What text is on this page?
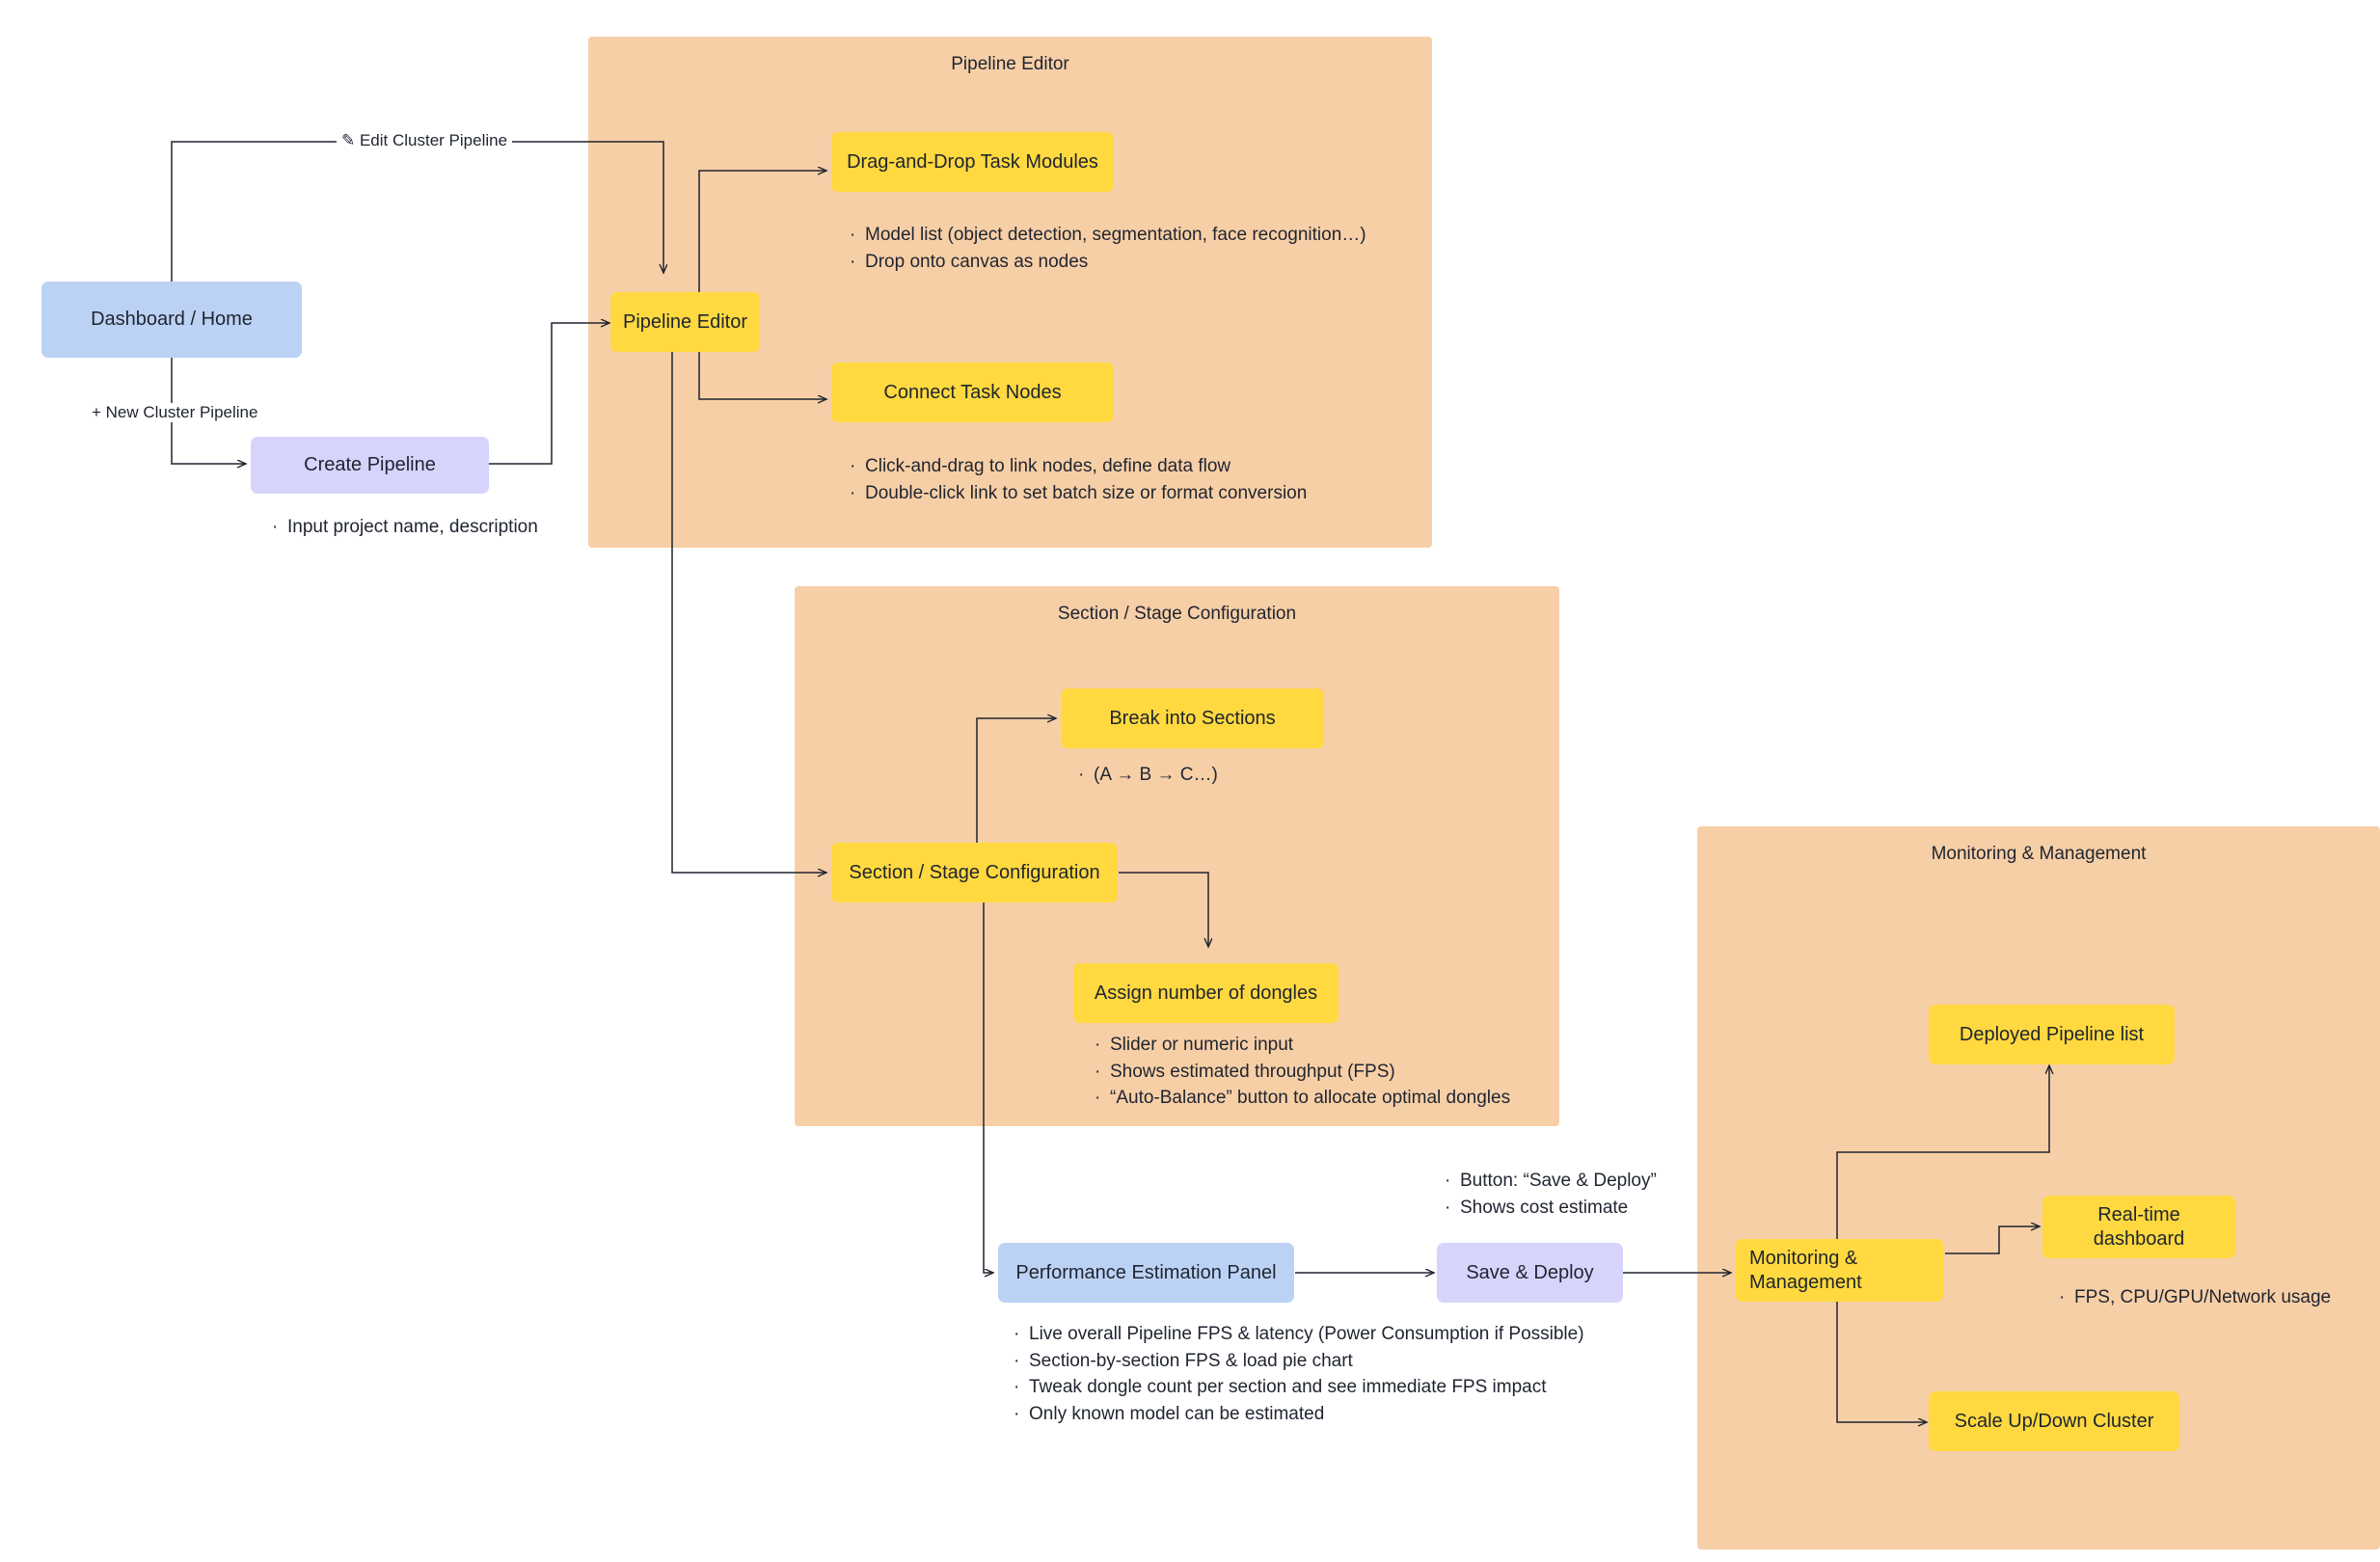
Pipeline Editor
Section / Stage Configuration
Monitoring & Management
✎ Edit Cluster Pipeline
+ New Cluster Pipeline
Dashboard / Home
Create Pipeline
Pipeline Editor
Drag-and-Drop Task Modules
Connect Task Nodes
Section / Stage Configuration
Break into Sections
Assign number of dongles
Performance Estimation Panel	Save & Deploy
Monitoring & Management
Deployed Pipeline list
Real-time dashboard
Scale Up/Down Cluster
· Input project name, description
· Model list (object detection, segmentation, face recognition…)
· Drop onto canvas as nodes
· Click-and-drag to link nodes, define data flow
· Double-click link to set batch size or format conversion
· (A → B → C…)
· Slider or numeric input
· Shows estimated throughput (FPS)
· “Auto-Balance” button to allocate optimal dongles
· Button: “Save & Deploy”
· Shows cost estimate
· Live overall Pipeline FPS & latency (Power Consumption if Possible)
· Section-by-section FPS & load pie chart
· Tweak dongle count per section and see immediate FPS impact
· Only known model can be estimated
· FPS, CPU/GPU/Network usage
